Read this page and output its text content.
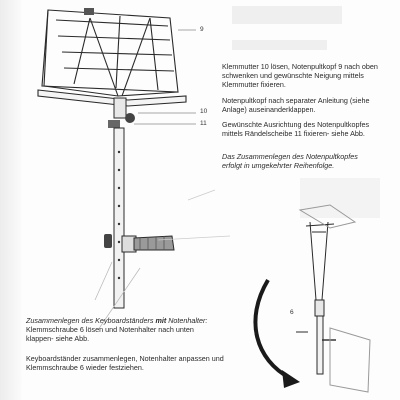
9
10
11
6
Klemmutter 10 lösen, Notenpultkopf 9 nach oben schwenken und gewünschte Neigung mittels Klemmutter fixieren.
Notenpultkopf nach separater Anleitung (siehe Anlage) auseinanderklappen.
Gewünschte Ausrichtung des Notenpultkopfes mittels Rändelscheibe 11 fixieren- siehe Abb.
Das Zusammenlegen des Notenpultkopfes erfolgt in umgekehrter Reihenfolge.
Zusammenlegen des Keyboardständers mit Notenhalter:
Klemmschraube 6 lösen und Notenhalter nach unten
klappen- siehe Abb.
Keyboardständer zusammenlegen, Notenhalter anpassen und Klemmschraube 6 wieder festziehen.
